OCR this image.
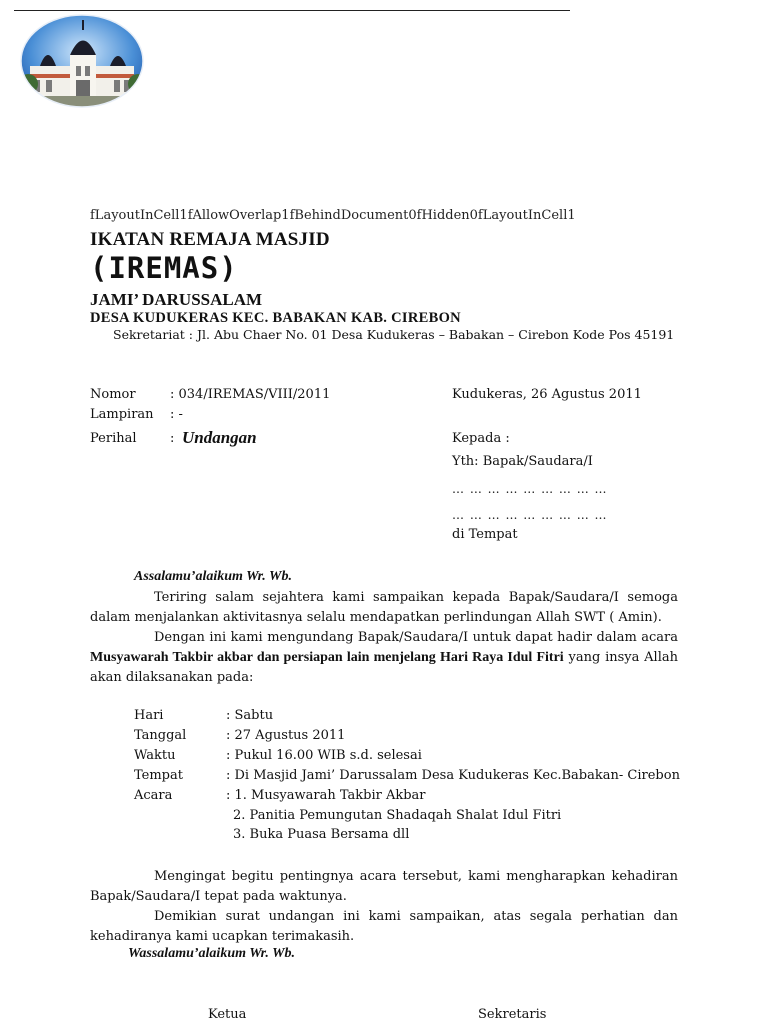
fLayoutInCell1fAllowOverlap1fBehindDocument0fHidden0fLayoutInCell1
IKATAN REMAJA MASJID
(IREMAS)
JAMI’ DARUSSALAM
DESA KUDUKERAS KEC. BABAKAN KAB. CIREBON
Sekretariat : Jl. Abu Chaer No. 01 Desa Kudukeras – Babakan – Cirebon Kode Pos 45191
Nomor	: 034/IREMAS/VIII/2011
Lampiran : -
Perihal	: Undangan
Kudukeras, 26 Agustus 2011
Kepada :
Yth: Bapak/Saudara/I
… … … … … … … … …
… … … … … … … … …
di Tempat
Assalamu’alaikum Wr. Wb.
Teriring salam sejahtera kami sampaikan kepada Bapak/Saudara/I semoga dalam menjalankan aktivitasnya selalu mendapatkan perlindungan Allah SWT ( Amin).
Dengan ini kami mengundang Bapak/Saudara/I untuk dapat hadir dalam acara Musyawarah Takbir akbar dan persiapan lain menjelang Hari Raya Idul Fitri yang insya Allah akan dilaksanakan pada:
Hari	: Sabtu
Tanggal	: 27 Agustus 2011
Waktu	: Pukul 16.00 WIB s.d. selesai
Tempat	: Di Masjid Jami’ Darussalam Desa Kudukeras Kec.Babakan- Cirebon
Acara	: 1. Musyawarah Takbir Akbar
2. Panitia Pemungutan Shadaqah Shalat Idul Fitri
3. Buka Puasa Bersama dll
Mengingat begitu pentingnya acara tersebut, kami mengharapkan kehadiran Bapak/Saudara/I tepat pada waktunya.
Demikian surat undangan ini kami sampaikan, atas segala perhatian dan kehadiranya kami ucapkan terimakasih.
Wassalamu’alaikum Wr. Wb.
Ketua	Sekretaris
